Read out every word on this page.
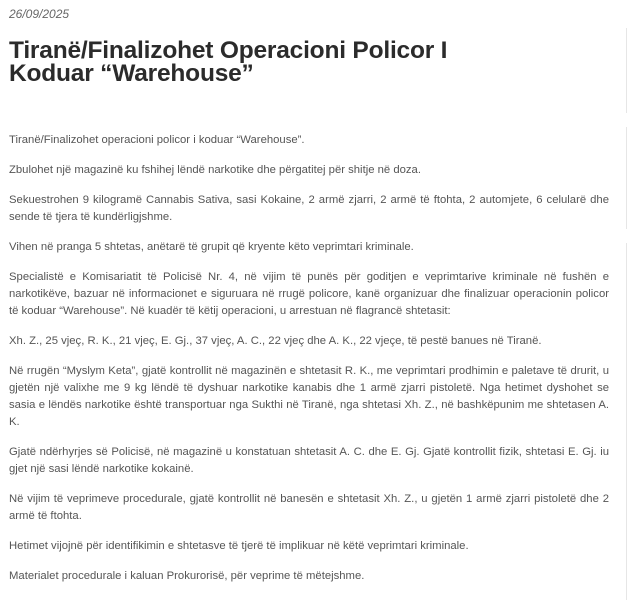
26/09/2025

Tiranë/Finalizohet Operacioni Policor I
Koduar “Warehouse”

Tiranë/Finalizohet operacioni policor i koduar “Warehouse”.

Zbulohet një magazinë ku fshihej lëndë narkotike dhe përgatitej për shitje në doza.

Sekuestrohen 9 kilogramë Cannabis Sativa, sasi Kokaine, 2 armë zjarri, 2 armë të ftohta, 2 automjete, 6 celularë dhe sende të tjera të kundërligjshme.

Vihen në pranga 5 shtetas, anëtarë të grupit që kryente këto veprimtari kriminale.

Specialistë e Komisariatit të Policisë Nr. 4, në vijim të punës për goditjen e veprimtarive kriminale në fushën e narkotikëve, bazuar në informacionet e siguruara në rrugë policore, kanë organizuar dhe finalizuar operacionin policor të koduar “Warehouse”. Në kuadër të këtij operacioni, u arrestuan në flagrancë shtetasit:

Xh. Z., 25 vjeç, R. K., 21 vjeç, E. Gj., 37 vjeç, A. C., 22 vjeç dhe A. K., 22 vjeçe, të pestë banues në Tiranë.

Në rrugën “Myslym Keta”, gjatë kontrollit në magazinën e shtetasit R. K., me veprimtari prodhimin e paletave të drurit, u gjetën një valixhe me 9 kg lëndë të dyshuar narkotike kanabis dhe 1 armë zjarri pistoletë. Nga hetimet dyshohet se sasia e lëndës narkotike është transportuar nga Sukthi në Tiranë, nga shtetasi Xh. Z., në bashkëpunim me shtetasen A. K.

Gjatë ndërhyrjes së Policisë, në magazinë u konstatuan shtetasit A. C. dhe E. Gj. Gjatë kontrollit fizik, shtetasi E. Gj. iu gjet një sasi lëndë narkotike kokainë.

Në vijim të veprimeve procedurale, gjatë kontrollit në banesën e shtetasit Xh. Z., u gjetën 1 armë zjarri pistoletë dhe 2 armë të ftohta.

Hetimet vijojnë për identifikimin e shtetasve të tjerë të implikuar në këtë veprimtari kriminale.

Materialet procedurale i kaluan Prokurorisë, për veprime të mëtejshme.
